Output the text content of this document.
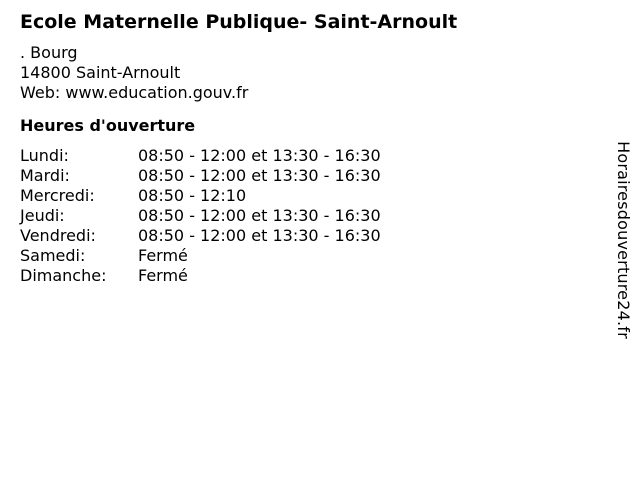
Ecole Maternelle Publique- Saint-Arnoult
. Bourg
14800 Saint-Arnoult
Web: www.education.gouv.fr
Heures d'ouverture
Lundi:	08:50 - 12:00 et 13:30 - 16:30
Mardi:	08:50 - 12:00 et 13:30 - 16:30
Mercredi:	08:50 - 12:10
Jeudi:	08:50 - 12:00 et 13:30 - 16:30
Vendredi:	08:50 - 12:00 et 13:30 - 16:30
Samedi:	Fermé
Dimanche:	Fermé	Horairesdouverture24.fr
